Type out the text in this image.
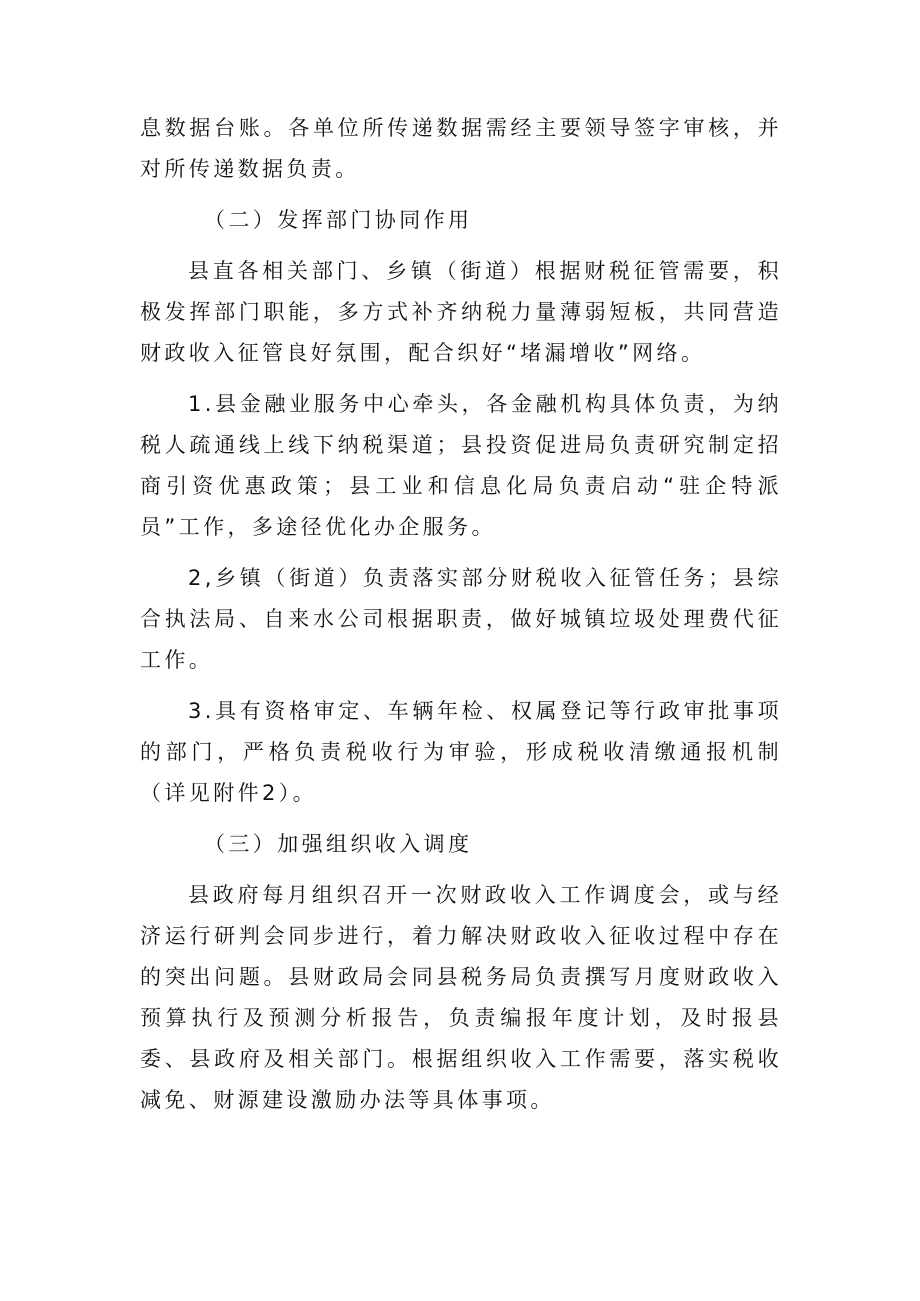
息数据台账。各单位所传递数据需经主要领导签字审核，并对所传递数据负责。

（二）发挥部门协同作用

县直各相关部门、乡镇（街道）根据财税征管需要，积极发挥部门职能，多方式补齐纳税力量薄弱短板，共同营造财政收入征管良好氛围，配合织好“堵漏增收”网络。

1.县金融业服务中心牵头，各金融机构具体负责，为纳税人疏通线上线下纳税渠道；县投资促进局负责研究制定招商引资优惠政策；县工业和信息化局负责启动“驻企特派员”工作，多途径优化办企服务。

2,乡镇（街道）负责落实部分财税收入征管任务；县综合执法局、自来水公司根据职责，做好城镇垃圾处理费代征工作。

3.具有资格审定、车辆年检、权属登记等行政审批事项的部门，严格负责税收行为审验，形成税收清缴通报机制（详见附件2）。

（三）加强组织收入调度

县政府每月组织召开一次财政收入工作调度会，或与经济运行研判会同步进行，着力解决财政收入征收过程中存在的突出问题。县财政局会同县税务局负责撰写月度财政收入预算执行及预测分析报告，负责编报年度计划，及时报县委、县政府及相关部门。根据组织收入工作需要，落实税收减免、财源建设激励办法等具体事项。
